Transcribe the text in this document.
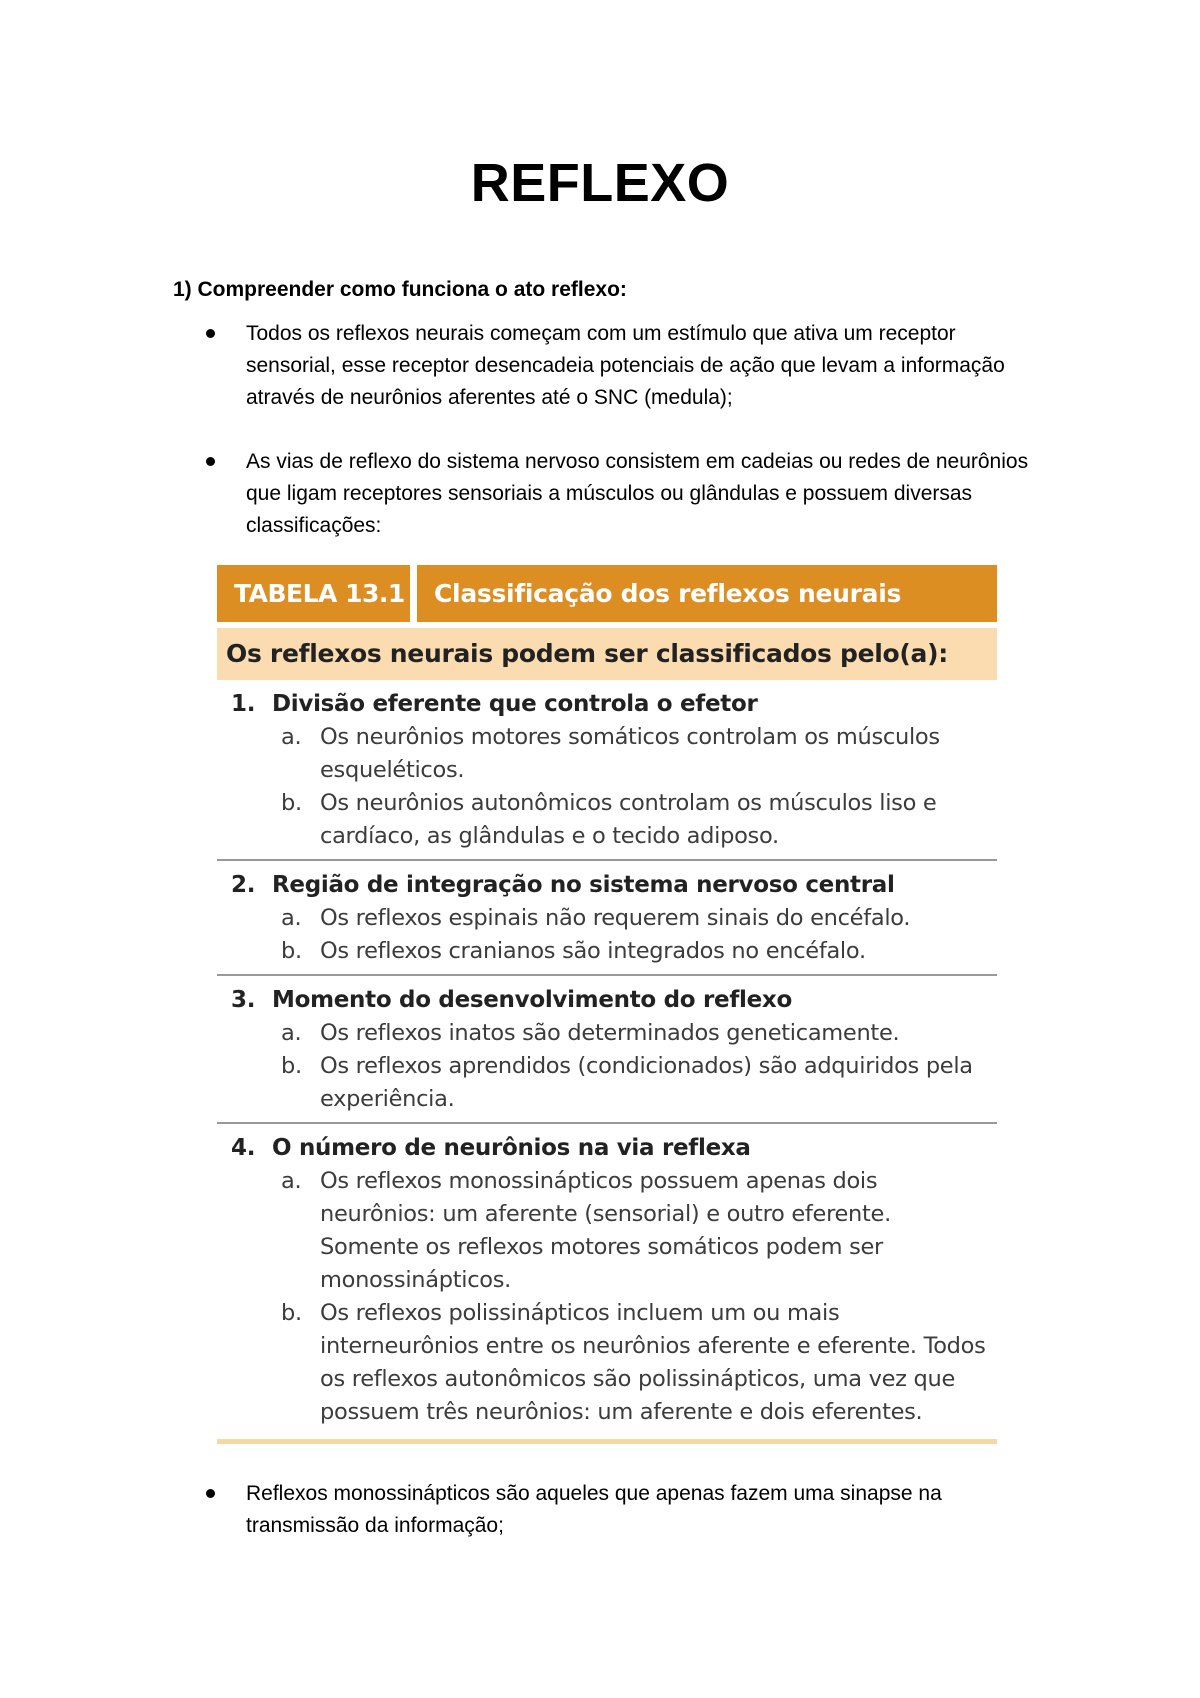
REFLEXO
1) Compreender como funciona o ato reflexo:
Todos os reflexos neurais começam com um estímulo que ativa um receptor sensorial, esse receptor desencadeia potenciais de ação que levam a informação através de neurônios aferentes até o SNC (medula);
As vias de reflexo do sistema nervoso consistem em cadeias ou redes de neurônios que ligam receptores sensoriais a músculos ou glândulas e possuem diversas classificações:
TABELA 13.1	Classificação dos reflexos neurais
Os reflexos neurais podem ser classificados pelo(a):
1. Divisão eferente que controla o efetor
a. Os neurônios motores somáticos controlam os músculos esqueléticos.
b. Os neurônios autonômicos controlam os músculos liso e cardíaco, as glândulas e o tecido adiposo.
2. Região de integração no sistema nervoso central
a. Os reflexos espinais não requerem sinais do encéfalo.
b. Os reflexos cranianos são integrados no encéfalo.
3. Momento do desenvolvimento do reflexo
a. Os reflexos inatos são determinados geneticamente.
b. Os reflexos aprendidos (condicionados) são adquiridos pela experiência.
4. O número de neurônios na via reflexa
a. Os reflexos monossinápticos possuem apenas dois neurônios: um aferente (sensorial) e outro eferente. Somente os reflexos motores somáticos podem ser monossinápticos.
b. Os reflexos polissinápticos incluem um ou mais interneurônios entre os neurônios aferente e eferente. Todos os reflexos autonômicos são polissinápticos, uma vez que possuem três neurônios: um aferente e dois eferentes.
Reflexos monossinápticos são aqueles que apenas fazem uma sinapse na transmissão da informação;
